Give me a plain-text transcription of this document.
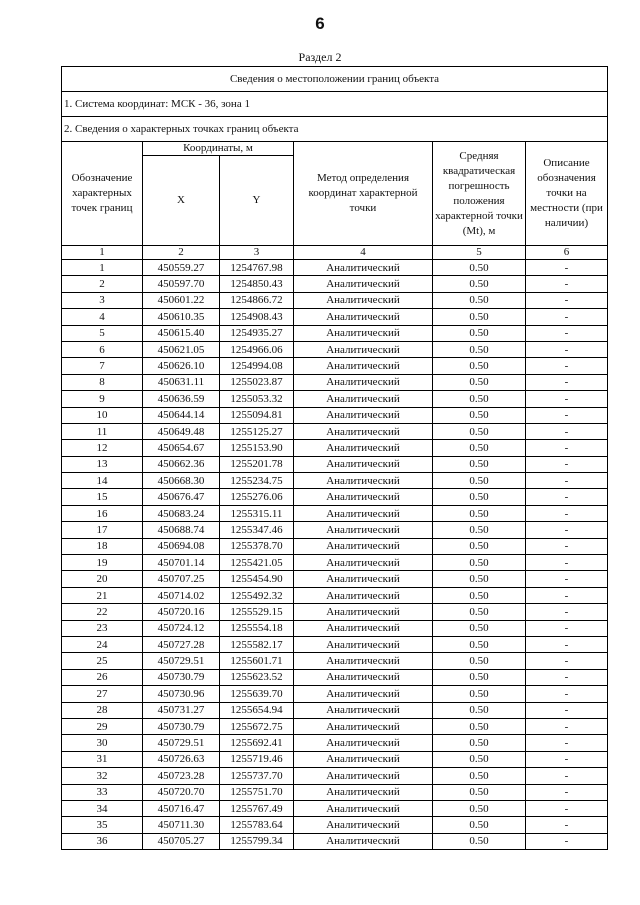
6
Раздел 2
Сведения о местоположении границ объекта					
1. Система координат: МСК - 36, зона 1					
2. Сведения о характерных точках границ объекта					
Обозначение характерных точек границ	Координаты, м		Метод определения координат характерной точки	Средняя квадратическая погрешность положения характерной точки (Mt), м	Описание обозначения точки на местности (при наличии)
	X	Y			
1	2	3	4	5	6
1	450559.27	1254767.98	Аналитический	0.50	-
2	450597.70	1254850.43	Аналитический	0.50	-
3	450601.22	1254866.72	Аналитический	0.50	-
4	450610.35	1254908.43	Аналитический	0.50	-
5	450615.40	1254935.27	Аналитический	0.50	-
6	450621.05	1254966.06	Аналитический	0.50	-
7	450626.10	1254994.08	Аналитический	0.50	-
8	450631.11	1255023.87	Аналитический	0.50	-
9	450636.59	1255053.32	Аналитический	0.50	-
10	450644.14	1255094.81	Аналитический	0.50	-
11	450649.48	1255125.27	Аналитический	0.50	-
12	450654.67	1255153.90	Аналитический	0.50	-
13	450662.36	1255201.78	Аналитический	0.50	-
14	450668.30	1255234.75	Аналитический	0.50	-
15	450676.47	1255276.06	Аналитический	0.50	-
16	450683.24	1255315.11	Аналитический	0.50	-
17	450688.74	1255347.46	Аналитический	0.50	-
18	450694.08	1255378.70	Аналитический	0.50	-
19	450701.14	1255421.05	Аналитический	0.50	-
20	450707.25	1255454.90	Аналитический	0.50	-
21	450714.02	1255492.32	Аналитический	0.50	-
22	450720.16	1255529.15	Аналитический	0.50	-
23	450724.12	1255554.18	Аналитический	0.50	-
24	450727.28	1255582.17	Аналитический	0.50	-
25	450729.51	1255601.71	Аналитический	0.50	-
26	450730.79	1255623.52	Аналитический	0.50	-
27	450730.96	1255639.70	Аналитический	0.50	-
28	450731.27	1255654.94	Аналитический	0.50	-
29	450730.79	1255672.75	Аналитический	0.50	-
30	450729.51	1255692.41	Аналитический	0.50	-
31	450726.63	1255719.46	Аналитический	0.50	-
32	450723.28	1255737.70	Аналитический	0.50	-
33	450720.70	1255751.70	Аналитический	0.50	-
34	450716.47	1255767.49	Аналитический	0.50	-
35	450711.30	1255783.64	Аналитический	0.50	-
36	450705.27	1255799.34	Аналитический	0.50	-
